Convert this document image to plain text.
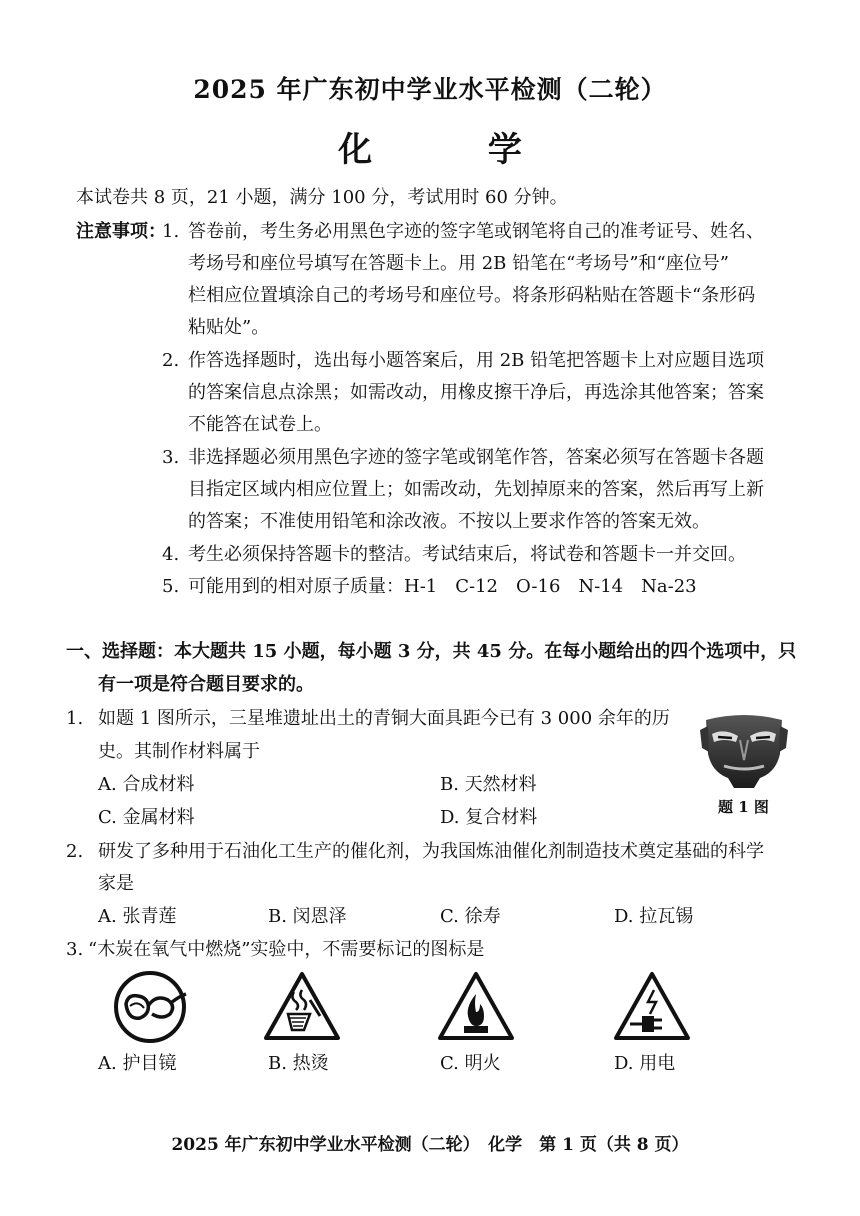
2025 年广东初中学业水平检测（二轮）
化 学
本试卷共 8 页，21 小题，满分 100 分，考试用时 60 分钟。
注意事项：
1. 答卷前，考生务必用黑色字迹的签字笔或钢笔将自己的准考证号、姓名、
考场号和座位号填写在答题卡上。用 2B 铅笔在“考场号”和“座位号”
栏相应位置填涂自己的考场号和座位号。将条形码粘贴在答题卡“条形码
粘贴处”。
2. 作答选择题时，选出每小题答案后，用 2B 铅笔把答题卡上对应题目选项
的答案信息点涂黑；如需改动，用橡皮擦干净后，再选涂其他答案；答案
不能答在试卷上。
3. 非选择题必须用黑色字迹的签字笔或钢笔作答，答案必须写在答题卡各题
目指定区域内相应位置上；如需改动，先划掉原来的答案，然后再写上新
的答案；不准使用铅笔和涂改液。不按以上要求作答的答案无效。
4. 考生必须保持答题卡的整洁。考试结束后，将试卷和答题卡一并交回。
5. 可能用到的相对原子质量：H-1　C-12　O-16　N-14　Na-23
一、选择题：本大题共 15 小题，每小题 3 分，共 45 分。在每小题给出的四个选项中，只
有一项是符合题目要求的。
1. 如题 1 图所示，三星堆遗址出土的青铜大面具距今已有 3 000 余年的历
史。其制作材料属于
A. 合成材料	B. 天然材料
C. 金属材料	D. 复合材料	题 1 图
2. 研发了多种用于石油化工生产的催化剂，为我国炼油催化剂制造技术奠定基础的科学
家是
A. 张青莲	B. 闵恩泽	C. 徐寿	D. 拉瓦锡
3. “木炭在氧气中燃烧”实验中，不需要标记的图标是
A. 护目镜	B. 热烫	C. 明火	D. 用电
2025 年广东初中学业水平检测（二轮）　化学　第 1 页（共 8 页）
